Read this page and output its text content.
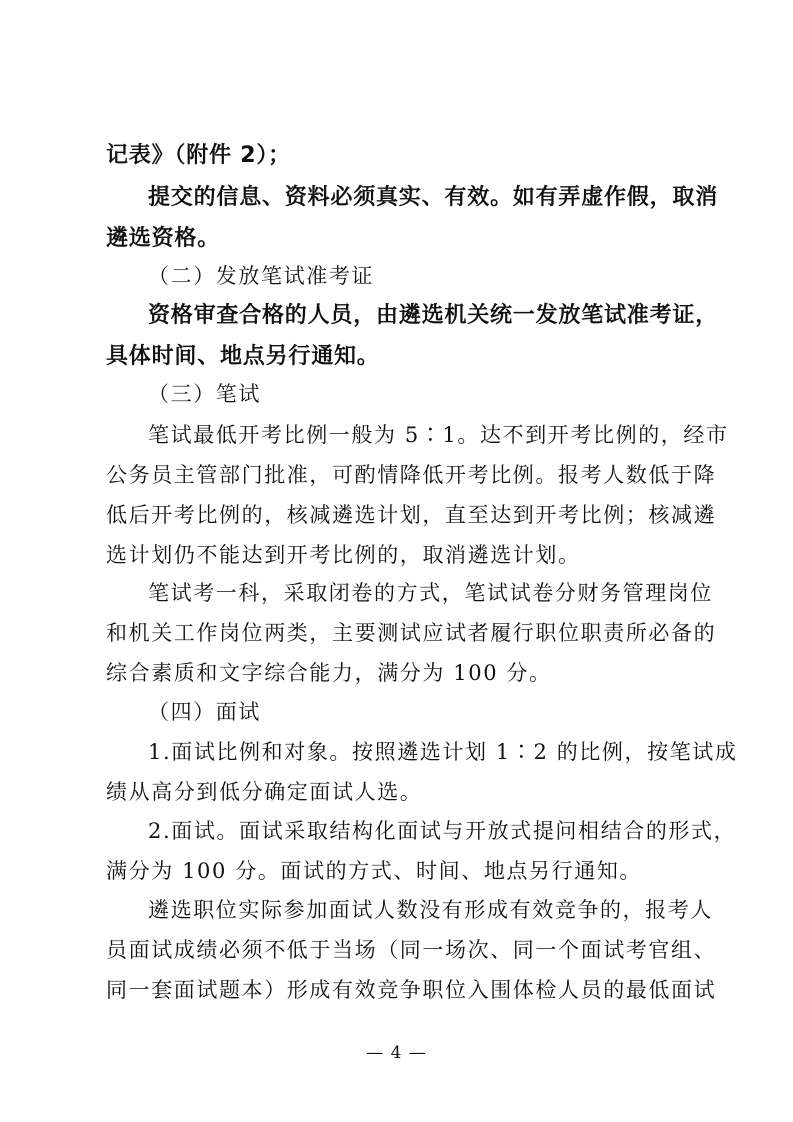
记表》（附件 2）；
提交的信息、资料必须真实、有效。如有弄虚作假，取消
遴选资格。
（二）发放笔试准考证
资格审查合格的人员，由遴选机关统一发放笔试准考证，
具体时间、地点另行通知。
（三）笔试
笔试最低开考比例一般为 5∶1。达不到开考比例的，经市
公务员主管部门批准，可酌情降低开考比例。报考人数低于降
低后开考比例的，核减遴选计划，直至达到开考比例；核减遴
选计划仍不能达到开考比例的，取消遴选计划。
笔试考一科，采取闭卷的方式，笔试试卷分财务管理岗位
和机关工作岗位两类，主要测试应试者履行职位职责所必备的
综合素质和文字综合能力，满分为 100 分。
（四）面试
1.面试比例和对象。按照遴选计划 1∶2 的比例，按笔试成
绩从高分到低分确定面试人选。
2.面试。面试采取结构化面试与开放式提问相结合的形式，
满分为 100 分。面试的方式、时间、地点另行通知。
遴选职位实际参加面试人数没有形成有效竞争的，报考人
员面试成绩必须不低于当场（同一场次、同一个面试考官组、
同一套面试题本）形成有效竞争职位入围体检人员的最低面试
— 4 —
